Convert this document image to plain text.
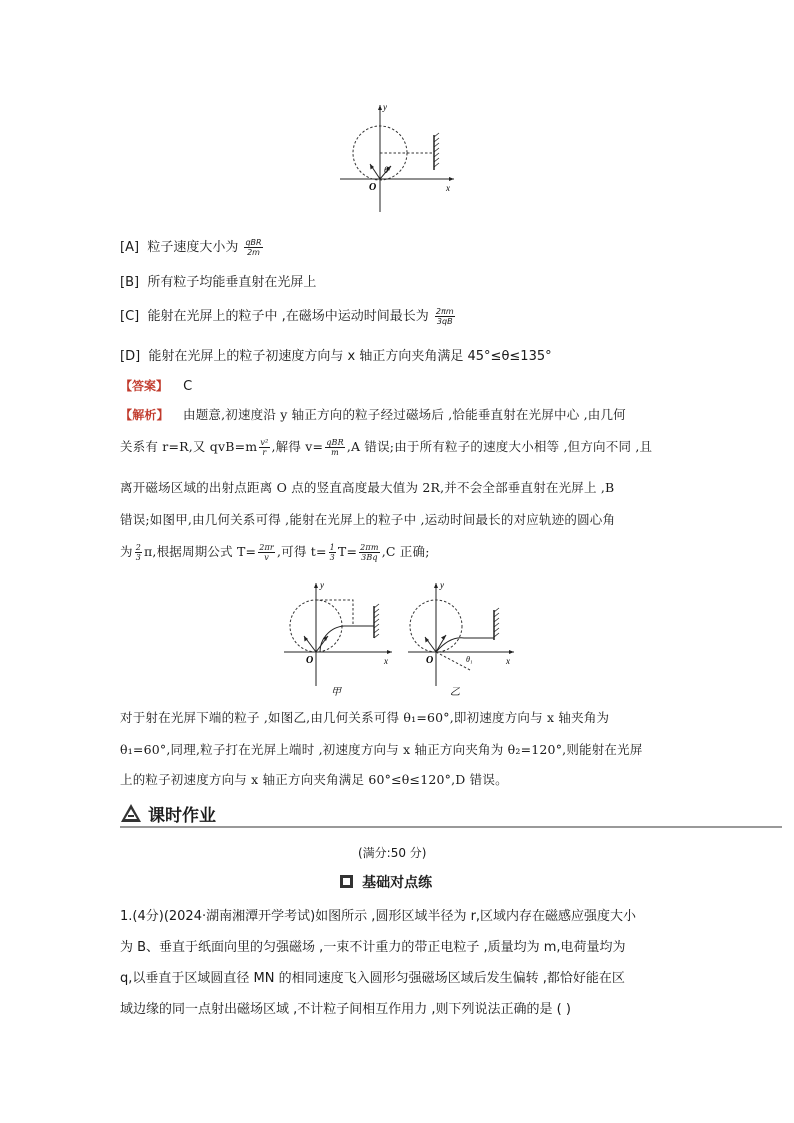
y
x
O
θ
[A] 粒子速度大小为 $\frac{\text{qBR}}{2m}$
[B] 所有粒子均能垂直射在光屏上
[C] 能射在光屏上的粒子中 ,在磁场中运动时间最长为 $\frac{2\pi m}{3qB}$
[D] 能射在光屏上的粒子初速度方向与 x 轴正方向夹角满足 45°≤θ≤135°
【答案】 C
【解析】 由题意,初速度沿 y 轴正方向的粒子经过磁场后 ,恰能垂直射在光屏中心 ,由几何
关系有 r=R,又 $qvB=m \frac{\text{v²}}{r}$ ,解得 $v= \frac{\text{qBR}}{m} ,A$ 错误;由于所有粒子的速度大小相等 ,但方向不同 ,且
离开磁场区域的出射点距离 O 点的竖直高度最大值为 2R,并不会全部垂直射在光屏上 ,B
错误;如图甲,由几何关系可得 ,能射在光屏上的粒子中 ,运动时间最长的对应轨迹的圆心角
为 $\frac{2}{3} \pi$,根据周期公式 $T= \frac{2\pi r}{v}$ ,可得 $t= \frac{1}{3} T= \frac{2\pi m}{3Bq} ,C$ 正确;
y
x
O
甲
y
x
O	θ₁
乙
对于射在光屏下端的粒子 ,如图乙,由几何关系可得 θ₁=60°,即初速度方向与 x 轴夹角为
θ₁=60°,同理,粒子打在光屏上端时 ,初速度方向与 x 轴正方向夹角为 θ₂=120°,则能射在光屏
上的粒子初速度方向与 x 轴正方向夹角满足 60°≤θ≤120°,D 错误。
课时作业
(满分:50 分)
基础对点练
1.(4分)(2024·湖南湘潭开学考试)如图所示 ,圆形区域半径为 r,区域内存在磁感应强度大小
为 B、垂直于纸面向里的匀强磁场 ,一束不计重力的带正电粒子 ,质量均为 m,电荷量均为
q,以垂直于区域圆直径 MN 的相同速度飞入圆形匀强磁场区域后发生偏转 ,都恰好能在区
域边缘的同一点射出磁场区域 ,不计粒子间相互作用力 ,则下列说法正确的是 ( )
